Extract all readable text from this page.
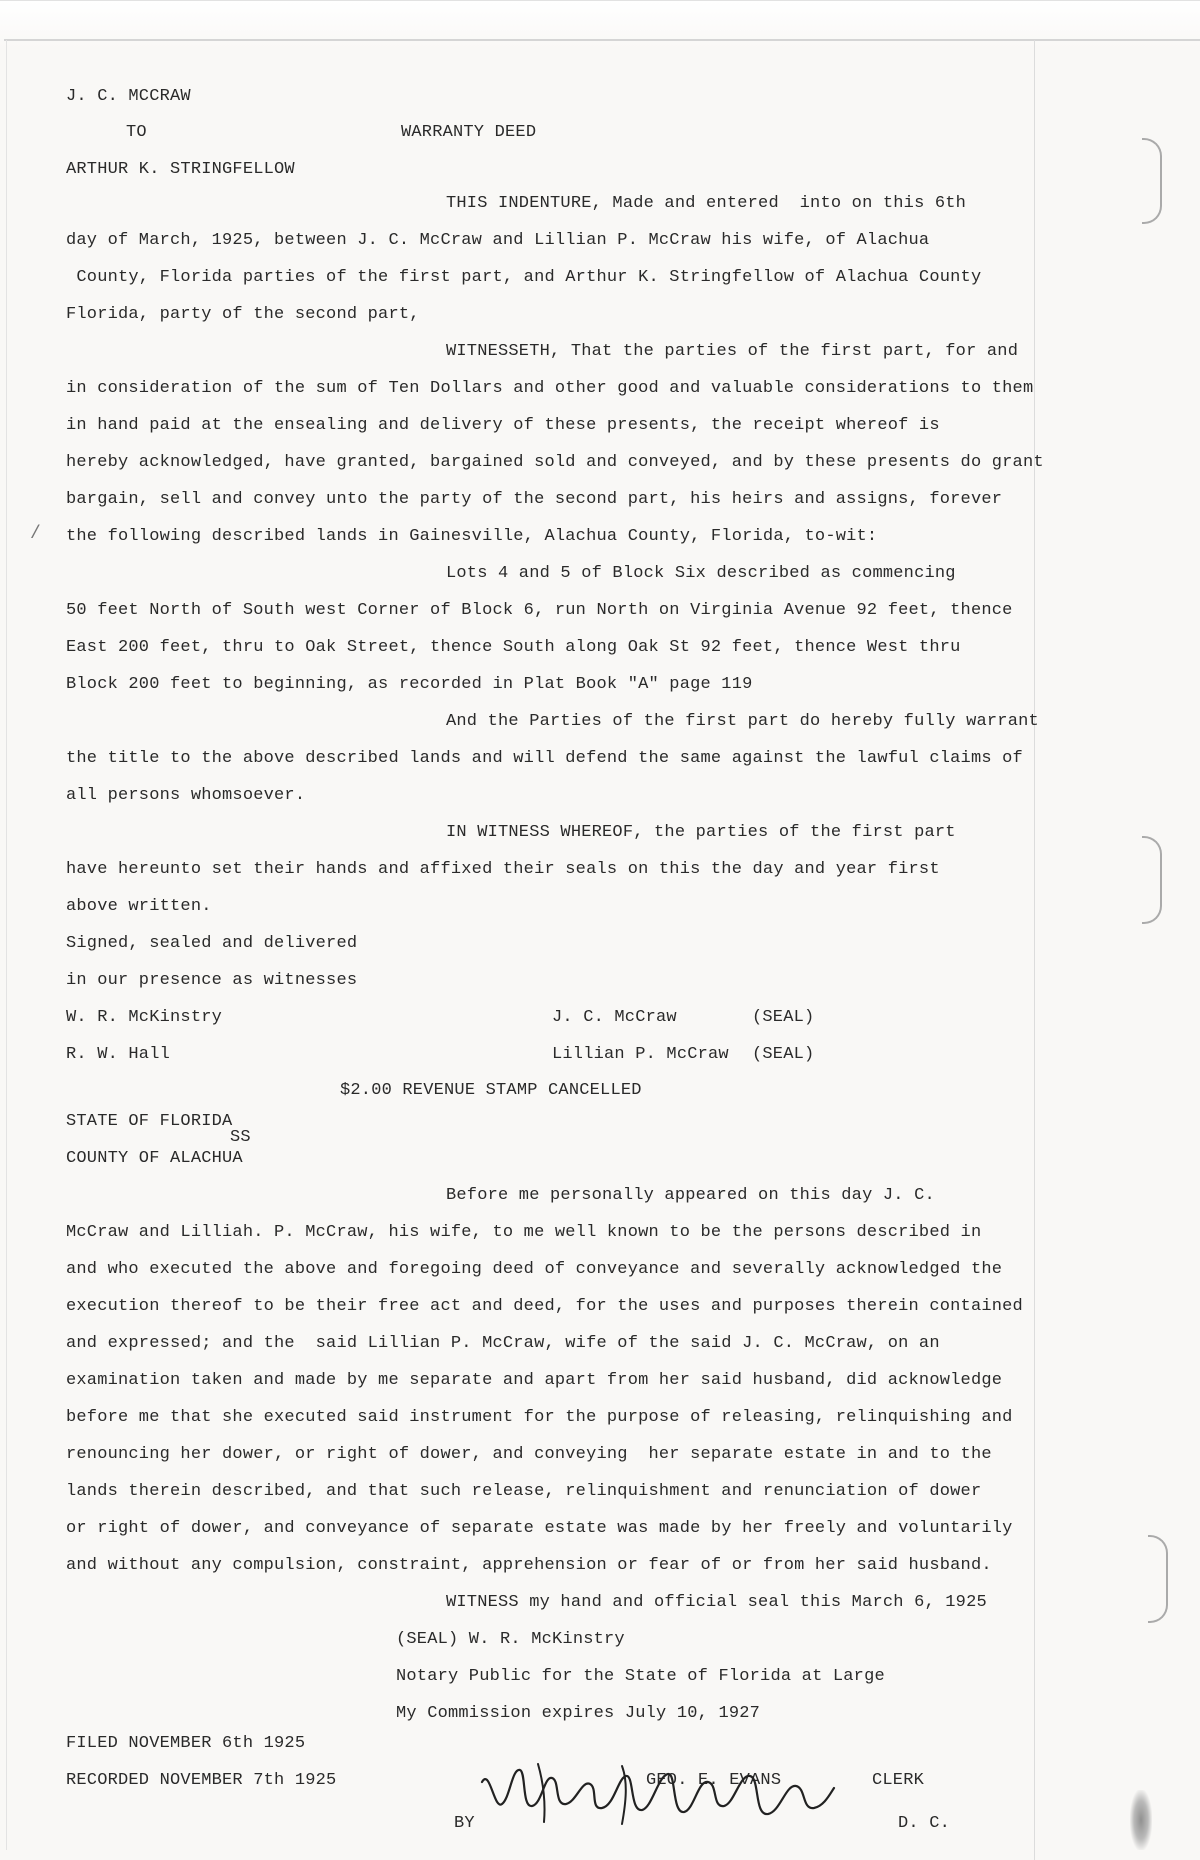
J. C. MCCRAW
TO	WARRANTY DEED
ARTHUR K. STRINGFELLOW
THIS INDENTURE, Made and entered  into on this 6th
day of March, 1925, between J. C. McCraw and Lillian P. McCraw his wife, of Alachua
County, Florida parties of the first part, and Arthur K. Stringfellow of Alachua County
Florida, party of the second part,
WITNESSETH, That the parties of the first part, for and
in consideration of the sum of Ten Dollars and other good and valuable considerations to them
in hand paid at the ensealing and delivery of these presents, the receipt whereof is
hereby acknowledged, have granted, bargained sold and conveyed, and by these presents do grant
bargain, sell and convey unto the party of the second part, his heirs and assigns, forever
the following described lands in Gainesville, Alachua County, Florida, to-wit:
Lots 4 and 5 of Block Six described as commencing
50 feet North of South west Corner of Block 6, run North on Virginia Avenue 92 feet, thence
East 200 feet, thru to Oak Street, thence South along Oak St 92 feet, thence West thru
Block 200 feet to beginning, as recorded in Plat Book "A" page 119
And the Parties of the first part do hereby fully warrant
the title to the above described lands and will defend the same against the lawful claims of
all persons whomsoever.
IN WITNESS WHEREOF, the parties of the first part
have hereunto set their hands and affixed their seals on this the day and year first
above written.
Signed, sealed and delivered
in our presence as witnesses
W. R. McKinstry	J. C. McCraw	(SEAL)
R. W. Hall	Lillian P. McCraw (SEAL)
$2.00 REVENUE STAMP CANCELLED
STATE OF FLORIDA
SS
COUNTY OF ALACHUA
Before me personally appeared on this day J. C.
McCraw and Lilliah. P. McCraw, his wife, to me well known to be the persons described in
and who executed the above and foregoing deed of conveyance and severally acknowledged the
execution thereof to be their free act and deed, for the uses and purposes therein contained
and expressed; and the  said Lillian P. McCraw, wife of the said J. C. McCraw, on an
examination taken and made by me separate and apart from her said husband, did acknowledge
before me that she executed said instrument for the purpose of releasing, relinquishing and
renouncing her dower, or right of dower, and conveying  her separate estate in and to the
lands therein described, and that such release, relinquishment and renunciation of dower
or right of dower, and conveyance of separate estate was made by her freely and voluntarily
and without any compulsion, constraint, apprehension or fear of or from her said husband.
WITNESS my hand and official seal this March 6, 1925
(SEAL) W. R. McKinstry
Notary Public for the State of Florida at Large
My Commission expires July 10, 1927
FILED NOVEMBER 6th 1925
RECORDED NOVEMBER 7th 1925	GEO. E. EVANS	CLERK
BY	D. C.
/
